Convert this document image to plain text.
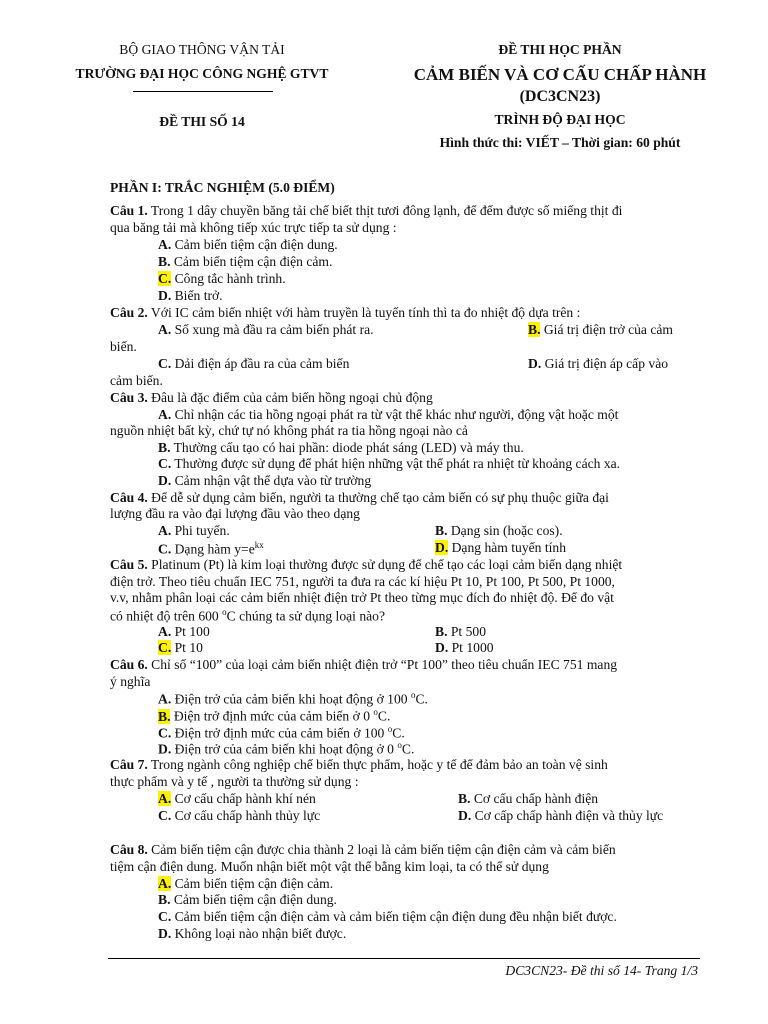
BỘ GIAO THÔNG VẬN TẢI
TRƯỜNG ĐẠI HỌC CÔNG NGHỆ GTVT
ĐỀ THI SỐ 14
ĐỀ THI HỌC PHẦN
CẢM BIẾN VÀ CƠ CẤU CHẤP HÀNH
(DC3CN23)
TRÌNH ĐỘ ĐẠI HỌC
Hình thức thi: VIẾT – Thời gian: 60 phút
PHẦN I: TRẮC NGHIỆM (5.0 ĐIỂM)
Câu 1. Trong 1 dây chuyền băng tải chế biết thịt tươi đông lạnh, để đếm được số miếng thịt đi
qua băng tải mà không tiếp xúc trực tiếp ta sử dụng :
A. Cảm biến tiệm cận điện dung.
B. Cảm biến tiệm cận điện cảm.
C. Công tắc hành trình.
D. Biến trở.
Câu 2. Với IC cảm biến nhiệt với hàm truyền là tuyến tính thì ta đo nhiệt độ dựa trên :
A. Số xung mà đầu ra cảm biến phát ra.	B. Giá trị điện trở của cảm
biến.
C. Dải điện áp đầu ra của cảm biến	D. Giá trị điện áp cấp vào
cảm biến.
Câu 3. Đâu là đặc điểm của cảm biến hồng ngoại chủ động
A. Chỉ nhận các tia hồng ngoại phát ra từ vật thể khác như người, động vật hoặc một
nguồn nhiệt bất kỳ, chứ tự nó không phát ra tia hồng ngoại nào cả
B. Thường cấu tạo có hai phần: diode phát sáng (LED) và máy thu.
C. Thường được sử dụng để phát hiện những vật thể phát ra nhiệt từ khoảng cách xa.
D. Cảm nhận vật thể dựa vào từ trường
Câu 4. Để dễ sử dụng cảm biến, người ta thường chế tạo cảm biến có sự phụ thuộc giữa đại
lượng đầu ra vào đại lượng đầu vào theo dạng
A. Phi tuyến.	B. Dạng sin (hoặc cos).
C. Dạng hàm $y=e^{kx}$	D. Dạng hàm tuyến tính
Câu 5. Platinum (Pt) là kim loại thường được sử dụng để chế tạo các loại cảm biến dạng nhiệt
điện trở. Theo tiêu chuẩn IEC 751, người ta đưa ra các kí hiệu Pt 10, Pt 100, Pt 500, Pt 1000,
v.v, nhằm phân loại các cảm biến nhiệt điện trở Pt theo từng mục đích đo nhiệt độ. Để đo vật
có nhiệt độ trên 600 $^o$C chúng ta sử dụng loại nào?
A. Pt 100	B. Pt 500
C. Pt 10	D. Pt 1000
Câu 6. Chỉ số “100” của loại cảm biến nhiệt điện trở “Pt 100” theo tiêu chuẩn IEC 751 mang
ý nghĩa
A. Điện trở của cảm biến khi hoạt động ở 100 $^o$C.
B. Điện trở định mức của cảm biến ở 0 $^o$C.
C. Điện trở định mức của cảm biến ở 100 $^o$C.
D. Điện trở của cảm biến khi hoạt động ở 0 $^o$C.
Câu 7. Trong ngành công nghiệp chế biến thực phẩm, hoặc y tế để đảm bảo an toàn vệ sinh
thực phẩm và y tế , người ta thường sử dụng :
A. Cơ cấu chấp hành khí nén	B. Cơ cấu chấp hành điện
C. Cơ cấu chấp hành thủy lực	D. Cơ cấp chấp hành điện và thủy lực
Câu 8. Cảm biến tiệm cận được chia thành 2 loại là cảm biến tiệm cận điện cảm và cảm biến
tiệm cận điện dung. Muốn nhận biết một vật thể bằng kim loại, ta có thể sử dụng
A. Cảm biến tiệm cận điện cảm.
B. Cảm biến tiệm cận điện dung.
C. Cảm biến tiệm cận điện cảm và cảm biến tiệm cận điện dung đều nhận biết được.
D. Không loại nào nhận biết được.
DC3CN23- Đề thi số 14- Trang 1/3
